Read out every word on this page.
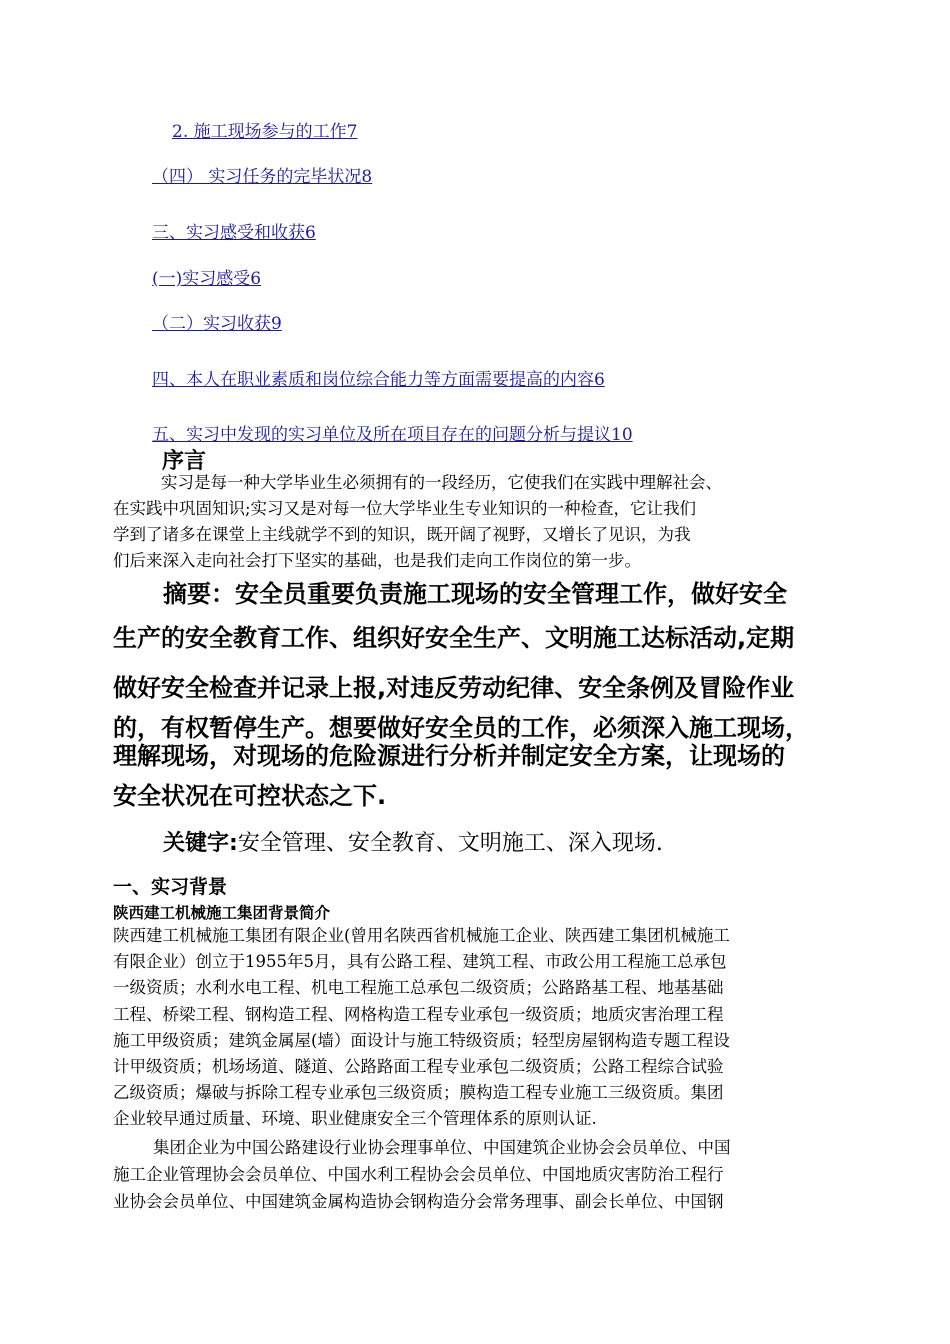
2. 施工现场参与的工作7
（四） 实习任务的完毕状况8
三、实习感受和收获6
(一)实习感受6
（二）实习收获9
四、本人在职业素质和岗位综合能力等方面需要提高的内容6
五、实习中发现的实习单位及所在项目存在的问题分析与提议10
序言
实习是每一种大学毕业生必须拥有的一段经历，它使我们在实践中理解社会、
在实践中巩固知识;实习又是对每一位大学毕业生专业知识的一种检查，它让我们
学到了诸多在课堂上主线就学不到的知识，既开阔了视野，又增长了见识，为我
们后来深入走向社会打下坚实的基础，也是我们走向工作岗位的第一步。
摘要：安全员重要负责施工现场的安全管理工作，做好安全
生产的安全教育工作、组织好安全生产、文明施工达标活动,定期
做好安全检查并记录上报,对违反劳动纪律、安全条例及冒险作业
的，有权暂停生产。想要做好安全员的工作，必须深入施工现场，
理解现场，对现场的危险源进行分析并制定安全方案，让现场的
安全状况在可控状态之下.
关键字:安全管理、安全教育、文明施工、深入现场.
一、实习背景
陕西建工机械施工集团背景简介
陕西建工机械施工集团有限企业(曾用名陕西省机械施工企业、陕西建工集团机械施工
有限企业）创立于1955年5月，具有公路工程、建筑工程、市政公用工程施工总承包
一级资质；水利水电工程、机电工程施工总承包二级资质；公路路基工程、地基基础
工程、桥梁工程、钢构造工程、网格构造工程专业承包一级资质；地质灾害治理工程
施工甲级资质；建筑金属屋(墙）面设计与施工特级资质；轻型房屋钢构造专题工程设
计甲级资质；机场场道、隧道、公路路面工程专业承包二级资质；公路工程综合试验
乙级资质；爆破与拆除工程专业承包三级资质；膜构造工程专业施工三级资质。集团
企业较早通过质量、环境、职业健康安全三个管理体系的原则认证.
集团企业为中国公路建设行业协会理事单位、中国建筑企业协会会员单位、中国
施工企业管理协会会员单位、中国水利工程协会会员单位、中国地质灾害防治工程行
业协会会员单位、中国建筑金属构造协会钢构造分会常务理事、副会长单位、中国钢
